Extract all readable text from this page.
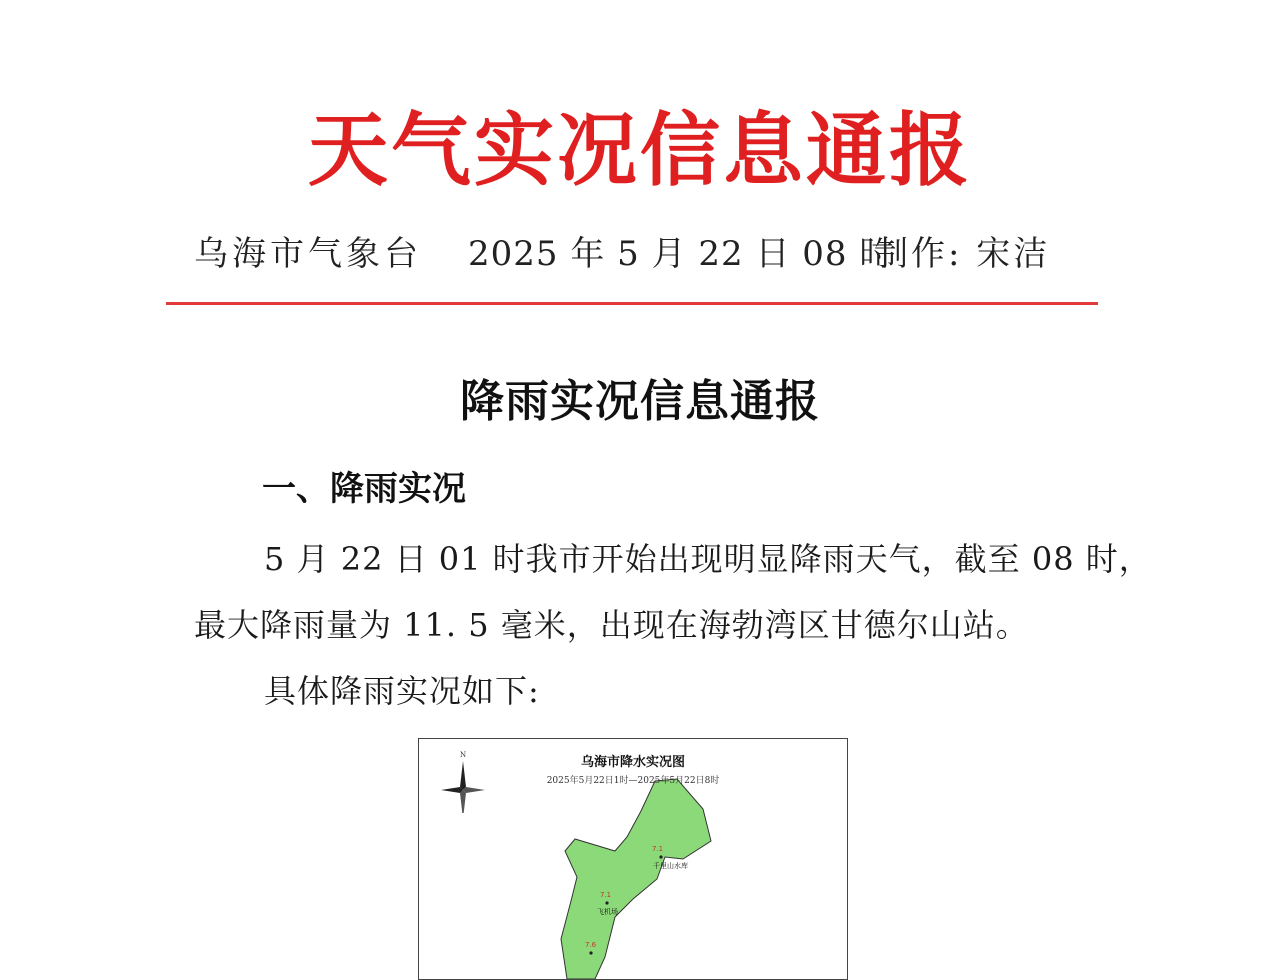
天气实况信息通报
乌海市气象台 2025 年 5 月 22 日 08 时
制作: 宋洁
降雨实况信息通报
一、降雨实况
5 月 22 日 01 时我市开始出现明显降雨天气，截至 08 时，
最大降雨量为 11. 5 毫米，出现在海勃湾区甘德尔山站。
具体降雨实况如下:
N	乌海市降水实况图
2025年5月22日1时—2025年5月22日8时
7.1
千里山水库
7.1
飞机场
7.6
